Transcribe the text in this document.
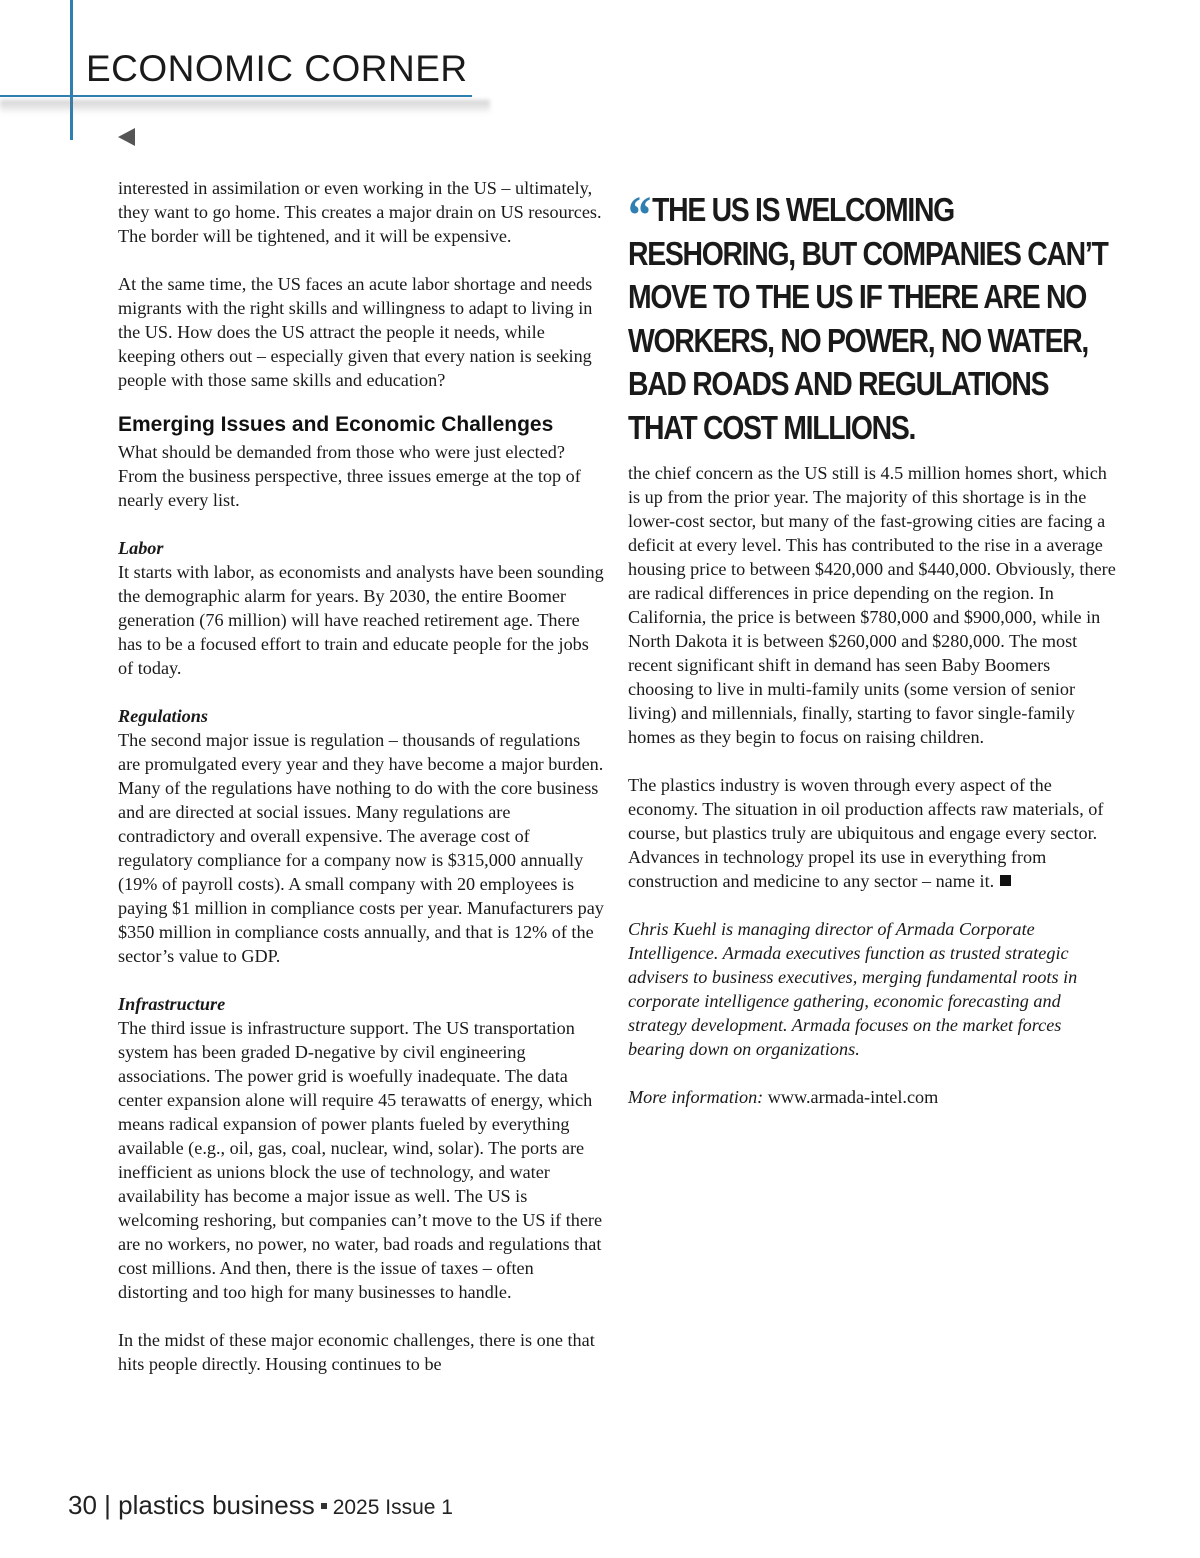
ECONOMIC CORNER

interested in assimilation or even working in the US – ultimately, they want to go home. This creates a major drain on US resources. The border will be tightened, and it will be expensive.

At the same time, the US faces an acute labor shortage and needs migrants with the right skills and willingness to adapt to living in the US. How does the US attract the people it needs, while keeping others out – especially given that every nation is seeking people with those same skills and education?

Emerging Issues and Economic Challenges

What should be demanded from those who were just elected? From the business perspective, three issues emerge at the top of nearly every list.

Labor

It starts with labor, as economists and analysts have been sounding the demographic alarm for years. By 2030, the entire Boomer generation (76 million) will have reached retirement age. There has to be a focused effort to train and educate people for the jobs of today.

Regulations

The second major issue is regulation – thousands of regulations are promulgated every year and they have become a major burden. Many of the regulations have nothing to do with the core business and are directed at social issues. Many regulations are contradictory and overall expensive. The average cost of regulatory compliance for a company now is $315,000 annually (19% of payroll costs). A small company with 20 employees is paying $1 million in compliance costs per year. Manufacturers pay $350 million in compliance costs annually, and that is 12% of the sector’s value to GDP.

Infrastructure

The third issue is infrastructure support. The US transportation system has been graded D-negative by civil engineering associations. The power grid is woefully inadequate. The data center expansion alone will require 45 terawatts of energy, which means radical expansion of power plants fueled by everything available (e.g., oil, gas, coal, nuclear, wind, solar). The ports are inefficient as unions block the use of technology, and water availability has become a major issue as well. The US is welcoming reshoring, but companies can’t move to the US if there are no workers, no power, no water, bad roads and regulations that cost millions. And then, there is the issue of taxes – often distorting and too high for many businesses to handle.

In the midst of these major economic challenges, there is one that hits people directly. Housing continues to be

“ THE US IS WELCOMING RESHORING, BUT COMPANIES CAN’T MOVE TO THE US IF THERE ARE NO WORKERS, NO POWER, NO WATER, BAD ROADS AND REGULATIONS THAT COST MILLIONS.

the chief concern as the US still is 4.5 million homes short, which is up from the prior year. The majority of this shortage is in the lower-cost sector, but many of the fast-growing cities are facing a deficit at every level. This has contributed to the rise in a average housing price to between $420,000 and $440,000. Obviously, there are radical differences in price depending on the region. In California, the price is between $780,000 and $900,000, while in North Dakota it is between $260,000 and $280,000. The most recent significant shift in demand has seen Baby Boomers choosing to live in multi-family units (some version of senior living) and millennials, finally, starting to favor single-family homes as they begin to focus on raising children.

The plastics industry is woven through every aspect of the economy. The situation in oil production affects raw materials, of course, but plastics truly are ubiquitous and engage every sector. Advances in technology propel its use in everything from construction and medicine to any sector – name it.

Chris Kuehl is managing director of Armada Corporate Intelligence. Armada executives function as trusted strategic advisers to business executives, merging fundamental roots in corporate intelligence gathering, economic forecasting and strategy development. Armada focuses on the market forces bearing down on organizations.

More information: www.armada-intel.com

30 | plastics business 2025 Issue 1
